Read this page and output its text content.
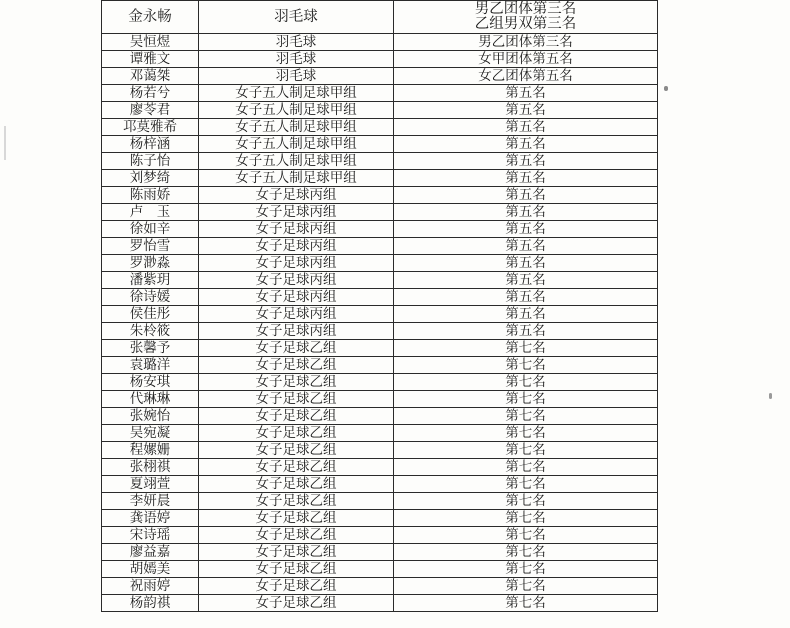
金永畅	羽毛球	男乙团体第三名
乙组男双第三名

吴恒煜	羽毛球	男乙团体第三名

谭雅文	羽毛球	女甲团体第五名

邓蔼桀	羽毛球	女乙团体第五名

杨若兮	女子五人制足球甲组	第五名

廖苓君	女子五人制足球甲组	第五名

邛莫雅希	女子五人制足球甲组	第五名

杨梓涵	女子五人制足球甲组	第五名

陈子怡	女子五人制足球甲组	第五名

刘梦绮	女子五人制足球甲组	第五名

陈雨娇	女子足球丙组	第五名

卢　玉	女子足球丙组	第五名

徐如辛	女子足球丙组	第五名

罗怡雪	女子足球丙组	第五名

罗渺淼	女子足球丙组	第五名

潘紫玥	女子足球丙组	第五名

徐诗媛	女子足球丙组	第五名

侯佳彤	女子足球丙组	第五名

朱柃筱	女子足球丙组	第五名

张馨予	女子足球乙组	第七名

袁璐洋	女子足球乙组	第七名

杨安琪	女子足球乙组	第七名

代琳琳	女子足球乙组	第七名

张婉怡	女子足球乙组	第七名

吴宛凝	女子足球乙组	第七名

程嫘姗	女子足球乙组	第七名

张栩祺	女子足球乙组	第七名

夏翊萱	女子足球乙组	第七名

李妍晨	女子足球乙组	第七名

龚语婷	女子足球乙组	第七名

宋诗瑶	女子足球乙组	第七名

廖益嘉	女子足球乙组	第七名

胡嫣美	女子足球乙组	第七名

祝雨婷	女子足球乙组	第七名

杨韵祺	女子足球乙组	第七名
